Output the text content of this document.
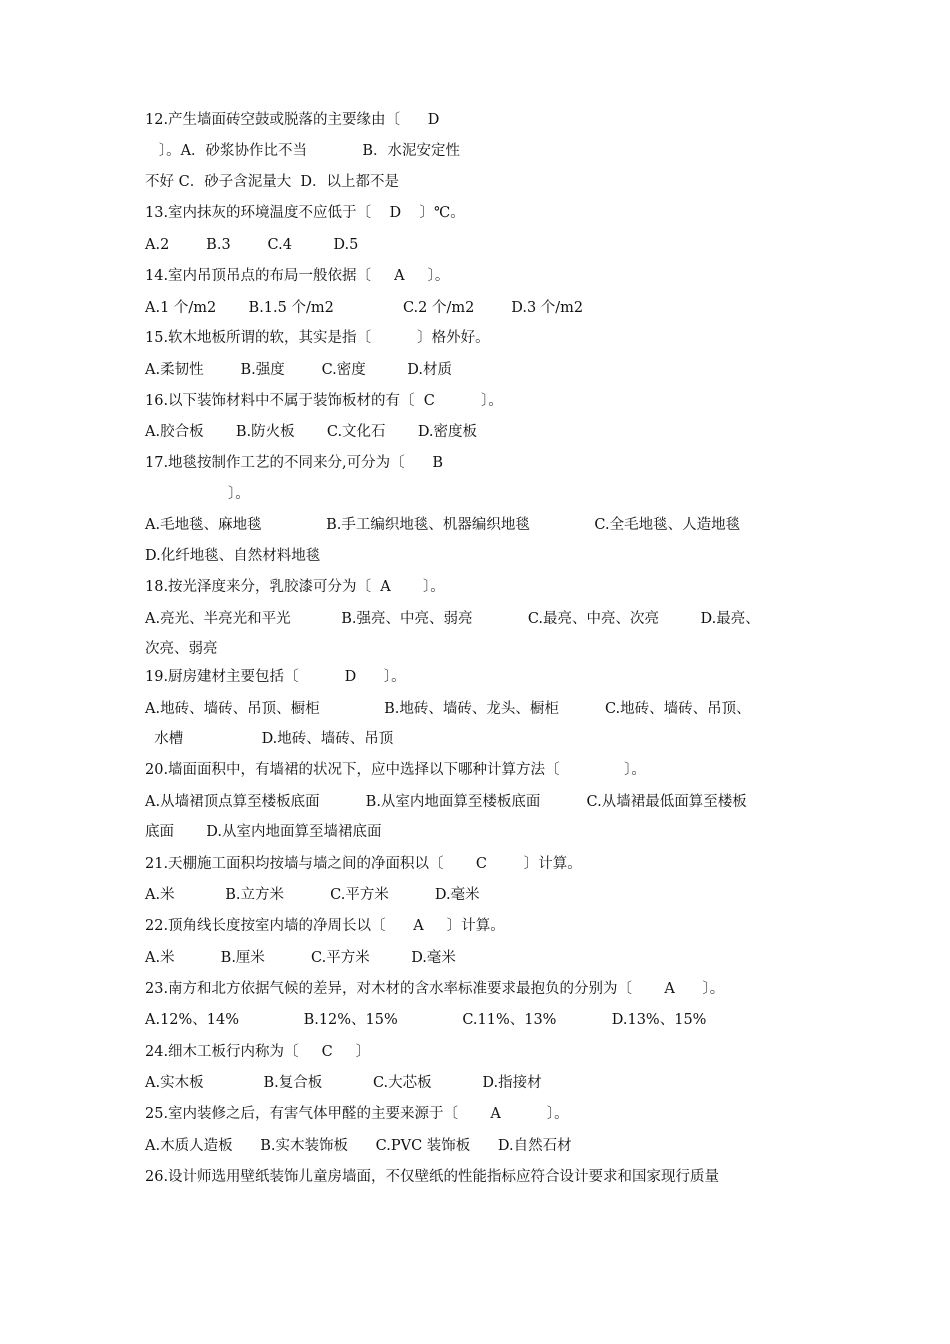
12.产生墙面砖空鼓或脱落的主要缘由〔      D
〕。A．砂浆协作比不当            B．水泥安定性
不好 C．砂子含泥量大  D．以上都不是
13.室内抹灰的环境温度不应低于〔    D    〕℃。
A.2        B.3        C.4         D.5
14.室内吊顶吊点的布局一般依据〔     A     〕。
A.1 个/m2       B.1.5 个/m2               C.2 个/m2        D.3 个/m2
15.软木地板所谓的软，其实是指〔          〕格外好。
A.柔韧性        B.强度        C.密度         D.材质
16.以下装饰材料中不属于装饰板材的有〔  C          〕。
A.胶合板       B.防火板       C.文化石       D.密度板
17.地毯按制作工艺的不同来分,可分为〔      B
〕。
A.毛地毯、麻地毯              B.手工编织地毯、机器编织地毯              C.全毛地毯、人造地毯
D.化纤地毯、自然材料地毯
18.按光泽度来分，乳胶漆可分为〔  A       〕。
A.亮光、半亮光和平光           B.强亮、中亮、弱亮            C.最亮、中亮、次亮         D.最亮、
次亮、弱亮
19.厨房建材主要包括〔          D      〕。
A.地砖、墙砖、吊顶、橱柜              B.地砖、墙砖、龙头、橱柜          C.地砖、墙砖、吊顶、
水槽                 D.地砖、墙砖、吊顶
20.墙面面积中，有墙裙的状况下，应中选择以下哪种计算方法〔              〕。
A.从墙裙顶点算至楼板底面          B.从室内地面算至楼板底面          C.从墙裙最低面算至楼板
底面       D.从室内地面算至墙裙底面
21.天棚施工面积均按墙与墙之间的净面积以〔       C        〕计算。
A.米           B.立方米          C.平方米          D.毫米
22.顶角线长度按室内墙的净周长以〔      A     〕计算。
A.米          B.厘米          C.平方米         D.毫米
23.南方和北方依据气候的差异，对木材的含水率标准要求最抱负的分别为〔       A      〕。
A.12%、14%              B.12%、15%              C.11%、13%            D.13%、15%
24.细木工板行内称为〔     C     〕
A.实木板             B.复合板           C.大芯板           D.指接材
25.室内装修之后，有害气体甲醛的主要来源于〔       A          〕。
A.木质人造板      B.实木装饰板      C.PVC 装饰板      D.自然石材
26.设计师选用壁纸装饰儿童房墙面，不仅壁纸的性能指标应符合设计要求和国家现行质量
